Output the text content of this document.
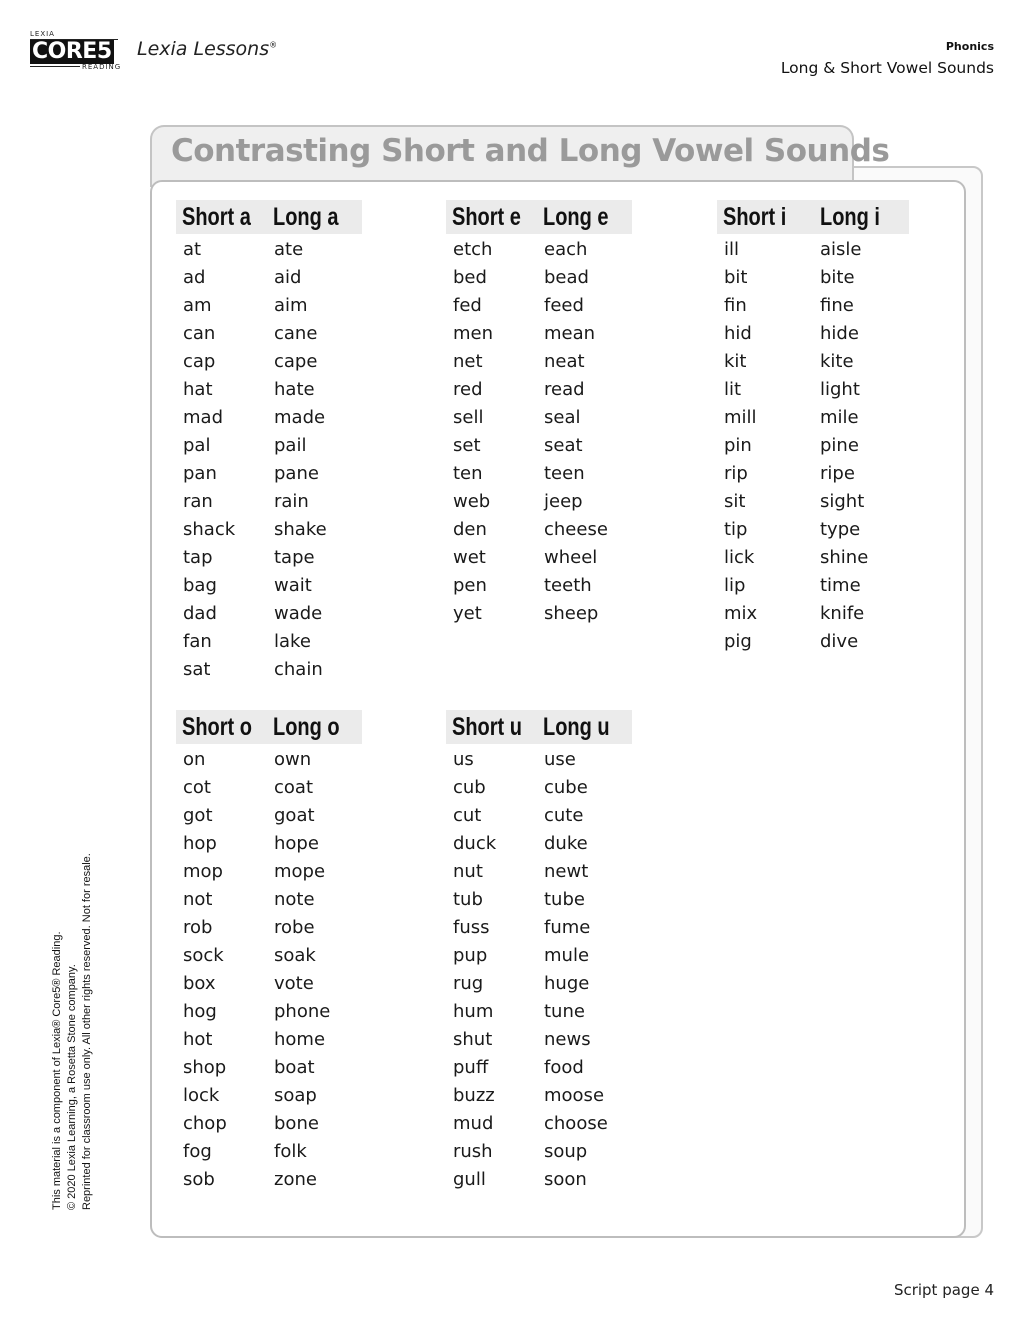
LEXIA
CORE5
READING
Lexia Lessons®	Phonics
Long & Short Vowel Sounds
Contrasting Short and Long Vowel Sounds
Short a Long a
at
ad
am
can
cap
hat
mad
pal
pan
ran
shack
tap
bag
dad
fan
sat
ate
aid
aim
cane
cape
hate
made
pail
pane
rain
shake
tape
wait
wade
lake
chain
Short e Long e
etch
bed
fed
men
net
red
sell
set
ten
web
den
wet
pen
yet
each
bead
feed
mean
neat
read
seal
seat
teen
jeep
cheese
wheel
teeth
sheep
Short i Long i
ill
bit
fin
hid
kit
lit
mill
pin
rip
sit
tip
lick
lip
mix
pig
aisle
bite
fine
hide
kite
light
mile
pine
ripe
sight
type
shine
time
knife
dive
Short o Long o
on
cot
got
hop
mop
not
rob
sock
box
hog
hot
shop
lock
chop
fog
sob
own
coat
goat
hope
mope
note
robe
soak
vote
phone
home
boat
soap
bone
folk
zone
Short u Long u
us
cub
cut
duck
nut
tub
fuss
pup
rug
hum
shut
puff
buzz
mud
rush
gull
use
cube
cute
duke
newt
tube
fume
mule
huge
tune
news
food
moose
choose
soup
soon
This material is a component of Lexia® Core5® Reading. © 2020 Lexia Learning, a Rosetta Stone company. Reprinted for classroom use only. All other rights reserved. Not for resale.
Script page 4
